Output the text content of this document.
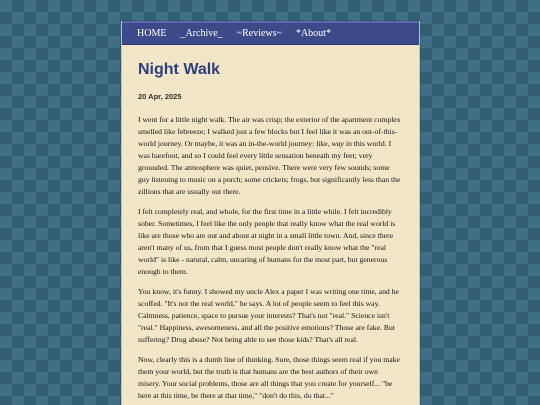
HOME _Archive_ ~Reviews~ *About*
Night Walk
20 Apr, 2025

I went for a little night walk. The air was crisp; the exterior of the apartment complex smelled like febreeze; I walked just a few blocks but I feel like it was an out-of-this-world journey. Or maybe, it was an in-the-world journey: like, way in this world. I was barefoot, and so I could feel every little sensation beneath my feet; very grounded. The atmosphere was quiet, pensive. There were very few sounds; some guy listening to music on a porch; some crickets; frogs, but significantly less than the zillions that are usually out there.

I felt completely real, and whole, for the first time in a little while. I felt incredibly sober. Sometimes, I feel like the only people that really know what the real world is like are those who are out and about at night in a small little town. And, since there aren't many of us, from that I guess most people don't really know what the "real world" is like - natural, calm, uncaring of humans for the most part, but generous enough to them.

You know, it's funny. I showed my uncle Alex a paper I was writing one time, and he scoffed. "It's not the real world," he says. A lot of people seem to feel this way. Calmness, patience, space to pursue your interests? That's not "real." Science isn't "real." Happiness, awesomeness, and all the positive emotions? Those are fake. But suffering? Drug abuse? Not being able to see those kids? That's all real.

Now, clearly this is a dumb line of thinking. Sure, those things seem real if you make them your world, but the truth is that humans are the best authors of their own misery. Your social problems, those are all things that you create for yourself... "be here at this time, be there at that time," "don't do this, do that..."
